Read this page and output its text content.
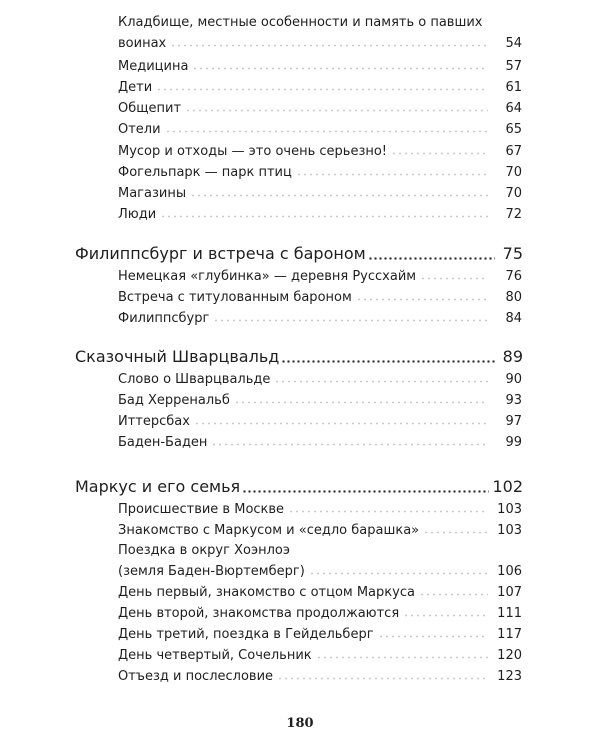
Кладбище, местные особенности и память о павших
воинах	54
Медицина	57
Дети	61
Общепит	64
Отели	65
Мусор и отходы — это очень серьезно!	67
Фогельпарк — парк птиц	70
Магазины	70
Люди	72
Филиппсбург и встреча с бароном	75
Немецкая «глубинка» — деревня Руссхайм	76
Встреча с титулованным бароном	80
Филиппсбург	84
Сказочный Шварцвальд	89
Слово о Шварцвальде	90
Бад Херренальб	93
Иттерсбах	97
Баден-Баден	99
Маркус и его семья	102
Происшествие в Москве	103
Знакомство с Маркусом и «седло барашка»	103
Поездка в округ Хоэнлоэ
(земля Баден-Вюртемберг)	106
День первый, знакомство с отцом Маркуса	107
День второй, знакомства продолжаются	111
День третий, поездка в Гейдельберг	117
День четвертый, Сочельник	120
Отъезд и послесловие	123
180
